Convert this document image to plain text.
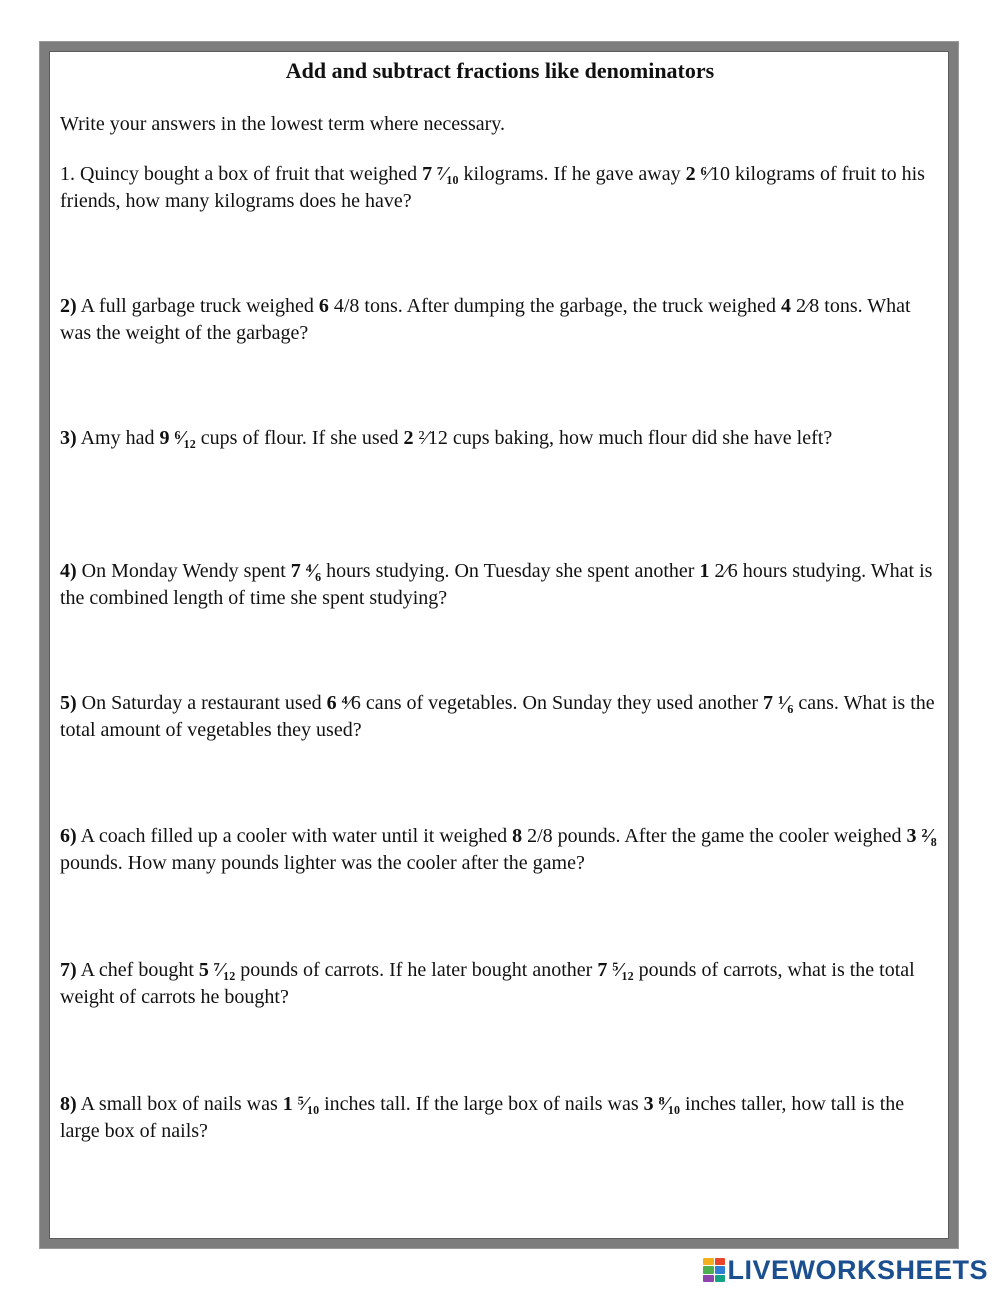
Add and subtract fractions like denominators

Write your answers in the lowest term where necessary.

1. Quincy bought a box of fruit that weighed 7 ⁷⁄₁₀ kilograms. If he gave away 2 ⁶⁄10 kilograms of fruit to his friends, how many kilograms does he have?

2) A full garbage truck weighed 6 4/8 tons. After dumping the garbage, the truck weighed 4 2⁄8 tons. What was the weight of the garbage?

3) Amy had 9 ⁶⁄₁₂ cups of flour. If she used 2 ²⁄12 cups baking, how much flour did she have left?

4) On Monday Wendy spent 7 ⁴⁄₆ hours studying. On Tuesday she spent another 1 2⁄6 hours studying. What is the combined length of time she spent studying?

5) On Saturday a restaurant used 6 ⁴⁄6 cans of vegetables. On Sunday they used another 7 ¹⁄₆ cans. What is the total amount of vegetables they used?

6) A coach filled up a cooler with water until it weighed 8 2/8 pounds. After the game the cooler weighed 3 ²⁄₈ pounds. How many pounds lighter was the cooler after the game?

7) A chef bought 5 ⁷⁄₁₂ pounds of carrots. If he later bought another 7 ⁵⁄₁₂ pounds of carrots, what is the total weight of carrots he bought?

8) A small box of nails was 1 ⁵⁄₁₀ inches tall. If the large box of nails was 3 ⁸⁄₁₀ inches taller, how tall is the large box of nails?

LIVEWORKSHEETS
